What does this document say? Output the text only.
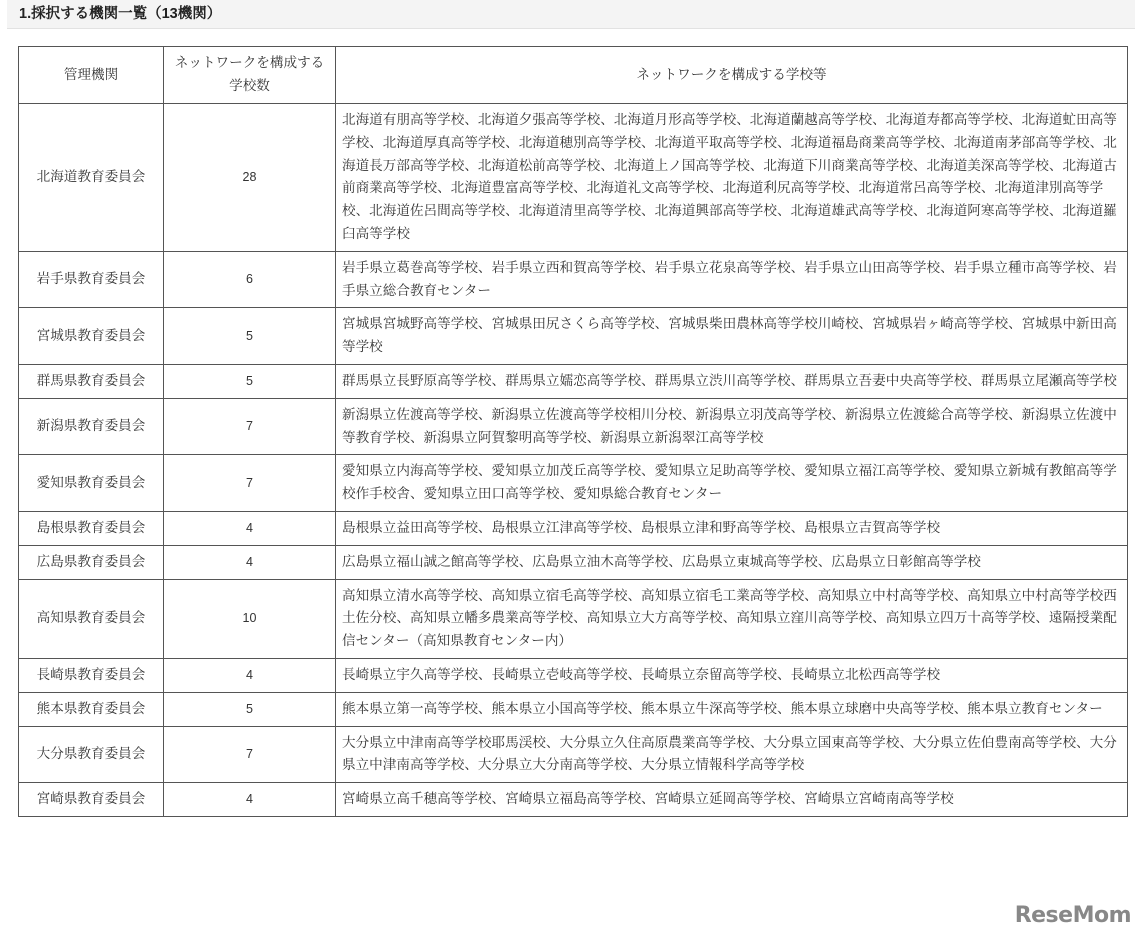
1.採択する機関一覧（13機関）
管理機関	ネットワークを構成する学校数	ネットワークを構成する学校等
北海道教育委員会	28	北海道有朋高等学校、北海道夕張高等学校、北海道月形高等学校、北海道蘭越高等学校、北海道寿都高等学校、北海道虻田高等学校、北海道厚真高等学校、北海道穂別高等学校、北海道平取高等学校、北海道福島商業高等学校、北海道南茅部高等学校、北海道長万部高等学校、北海道松前高等学校、北海道上ノ国高等学校、北海道下川商業高等学校、北海道美深高等学校、北海道古前商業高等学校、北海道豊富高等学校、北海道礼文高等学校、北海道利尻高等学校、北海道常呂高等学校、北海道津別高等学校、北海道佐呂間高等学校、北海道清里高等学校、北海道興部高等学校、北海道雄武高等学校、北海道阿寒高等学校、北海道羅臼高等学校
岩手県教育委員会	6	岩手県立葛巻高等学校、岩手県立西和賀高等学校、岩手県立花泉高等学校、岩手県立山田高等学校、岩手県立種市高等学校、岩手県立総合教育センター
宮城県教育委員会	5	宮城県宮城野高等学校、宮城県田尻さくら高等学校、宮城県柴田農林高等学校川崎校、宮城県岩ヶ崎高等学校、宮城県中新田高等学校
群馬県教育委員会	5	群馬県立長野原高等学校、群馬県立嬬恋高等学校、群馬県立渋川高等学校、群馬県立吾妻中央高等学校、群馬県立尾瀬高等学校
新潟県教育委員会	7	新潟県立佐渡高等学校、新潟県立佐渡高等学校相川分校、新潟県立羽茂高等学校、新潟県立佐渡総合高等学校、新潟県立佐渡中等教育学校、新潟県立阿賀黎明高等学校、新潟県立新潟翠江高等学校
愛知県教育委員会	7	愛知県立内海高等学校、愛知県立加茂丘高等学校、愛知県立足助高等学校、愛知県立福江高等学校、愛知県立新城有教館高等学校作手校舎、愛知県立田口高等学校、愛知県総合教育センター
島根県教育委員会	4	島根県立益田高等学校、島根県立江津高等学校、島根県立津和野高等学校、島根県立吉賀高等学校
広島県教育委員会	4	広島県立福山誠之館高等学校、広島県立油木高等学校、広島県立東城高等学校、広島県立日彰館高等学校
高知県教育委員会	10	高知県立清水高等学校、高知県立宿毛高等学校、高知県立宿毛工業高等学校、高知県立中村高等学校、高知県立中村高等学校西土佐分校、高知県立幡多農業高等学校、高知県立大方高等学校、高知県立窪川高等学校、高知県立四万十高等学校、遠隔授業配信センター（高知県教育センター内）
長崎県教育委員会	4	長崎県立宇久高等学校、長崎県立壱岐高等学校、長崎県立奈留高等学校、長崎県立北松西高等学校
熊本県教育委員会	5	熊本県立第一高等学校、熊本県立小国高等学校、熊本県立牛深高等学校、熊本県立球磨中央高等学校、熊本県立教育センター
大分県教育委員会	7	大分県立中津南高等学校耶馬渓校、大分県立久住高原農業高等学校、大分県立国東高等学校、大分県立佐伯豊南高等学校、大分県立中津南高等学校、大分県立大分南高等学校、大分県立情報科学高等学校
宮崎県教育委員会	4	宮崎県立高千穂高等学校、宮崎県立福島高等学校、宮崎県立延岡高等学校、宮崎県立宮崎南高等学校
ReseMom
